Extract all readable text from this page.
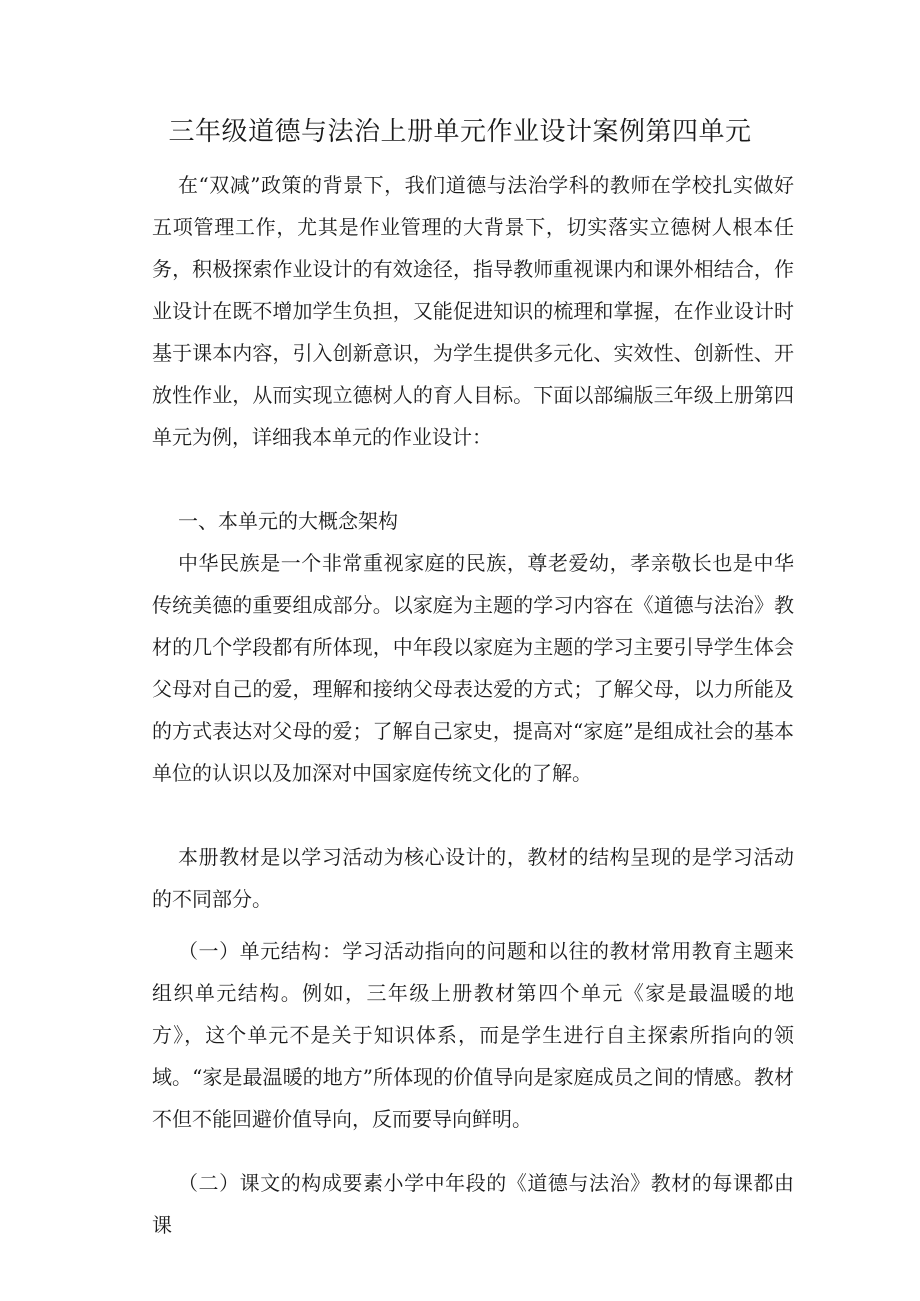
三年级道德与法治上册单元作业设计案例第四单元
在“双减”政策的背景下，我们道德与法治学科的教师在学校扎实做好五项管理工作，尤其是作业管理的大背景下，切实落实立德树人根本任务，积极探索作业设计的有效途径，指导教师重视课内和课外相结合，作业设计在既不增加学生负担，又能促进知识的梳理和掌握，在作业设计时基于课本内容，引入创新意识，为学生提供多元化、实效性、创新性、开放性作业，从而实现立德树人的育人目标。下面以部编版三年级上册第四单元为例，详细我本单元的作业设计：
一、本单元的大概念架构
中华民族是一个非常重视家庭的民族，尊老爱幼，孝亲敬长也是中华传统美德的重要组成部分。以家庭为主题的学习内容在《道德与法治》教材的几个学段都有所体现，中年段以家庭为主题的学习主要引导学生体会父母对自己的爱，理解和接纳父母表达爱的方式；了解父母，以力所能及的方式表达对父母的爱；了解自己家史，提高对“家庭”是组成社会的基本单位的认识以及加深对中国家庭传统文化的了解。
本册教材是以学习活动为核心设计的，教材的结构呈现的是学习活动的不同部分。
（一）单元结构：学习活动指向的问题和以往的教材常用教育主题来组织单元结构。例如，三年级上册教材第四个单元《家是最温暖的地方》，这个单元不是关于知识体系，而是学生进行自主探索所指向的领域。“家是最温暖的地方”所体现的价值导向是家庭成员之间的情感。教材不但不能回避价值导向，反而要导向鲜明。
（二）课文的构成要素小学中年段的《道德与法治》教材的每课都由课
